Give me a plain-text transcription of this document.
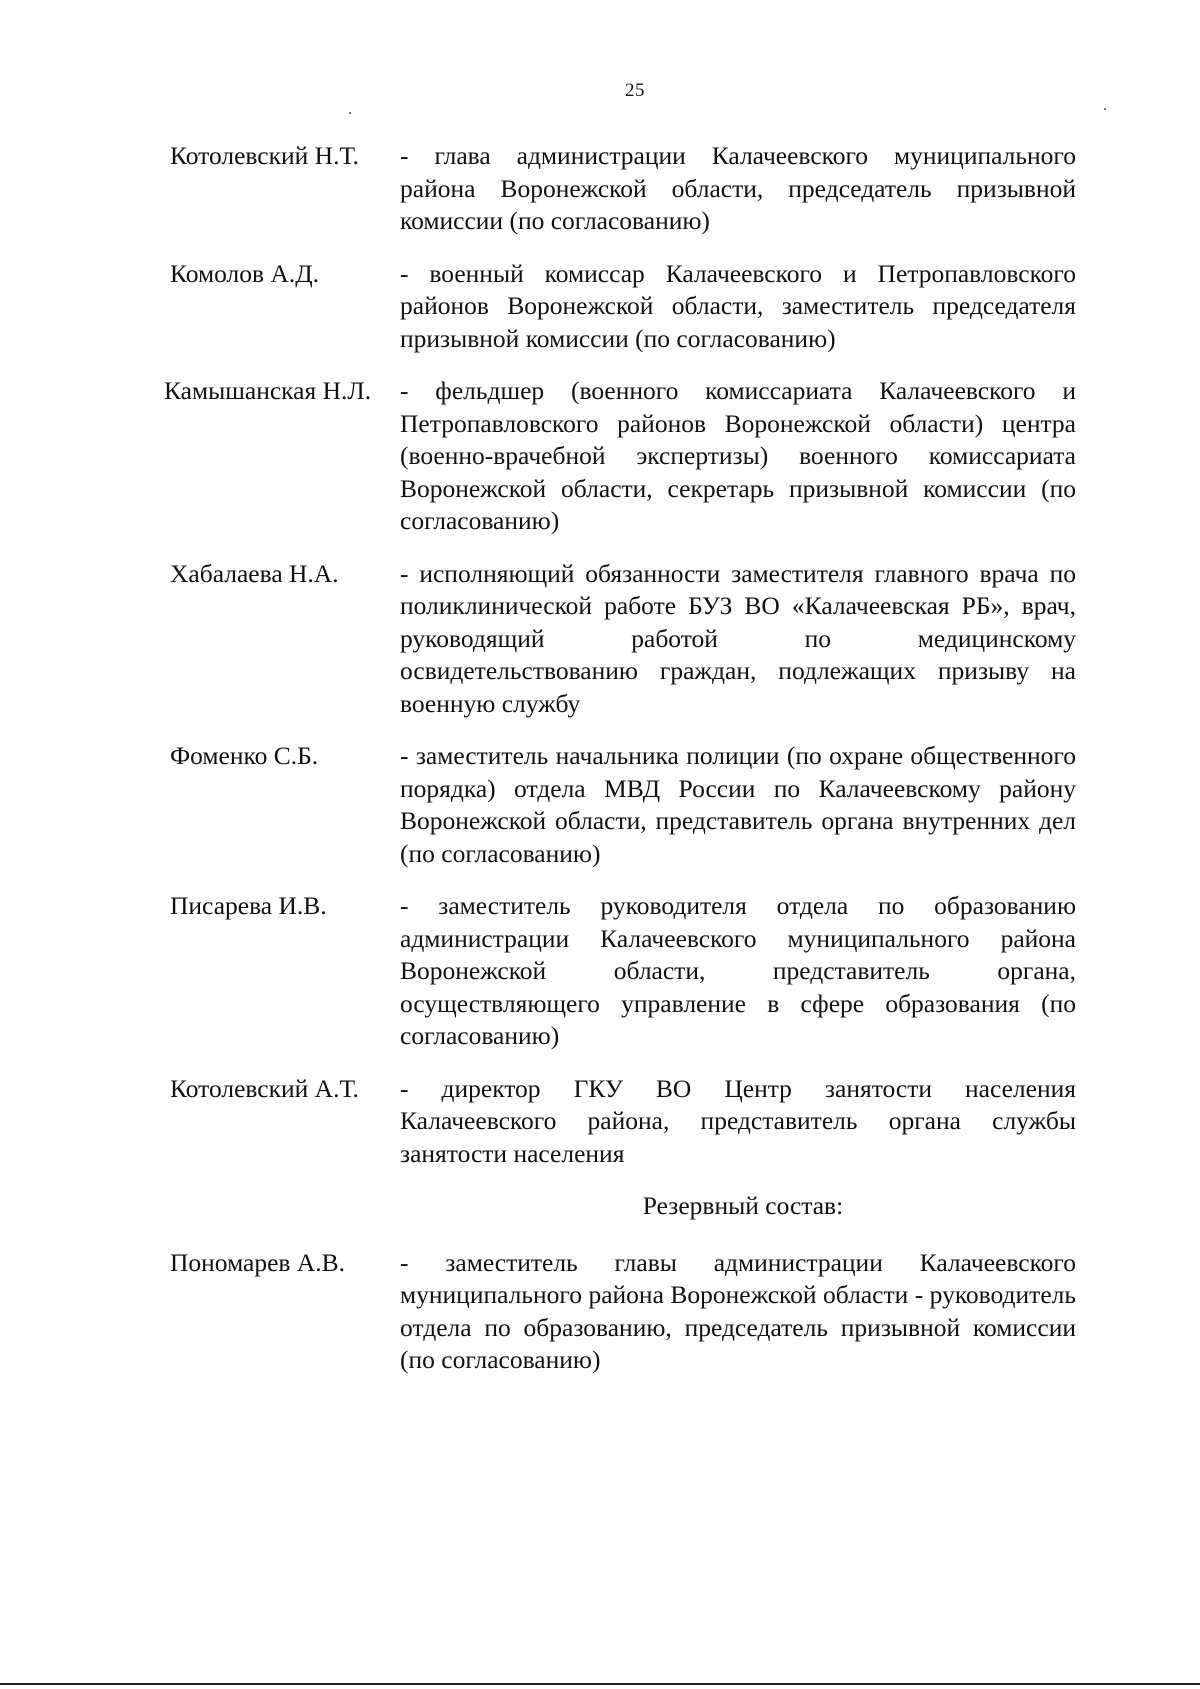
25
Котолевский Н.Т. - глава администрации Калачеевского муниципального района Воронежской области, председатель призывной комиссии (по согласованию)
Комолов А.Д.	- военный комиссар Калачеевского и Петропавловского районов Воронежской области, заместитель председателя призывной комиссии (по согласованию)
Камышанская Н.Л. - фельдшер (военного комиссариата Калачеевского и Петропавловского районов Воронежской области) центра (военно-врачебной экспертизы) военного комиссариата Воронежской области, секретарь призывной комиссии (по согласованию)
Хабалаева Н.А. - исполняющий обязанности заместителя главного врача по поликлинической работе БУЗ ВО «Калачеевская РБ», врач, руководящий работой по медицинскому освидетельствованию граждан, подлежащих призыву на военную службу
Фоменко С.Б.	- заместитель начальника полиции (по охране общественного порядка) отдела МВД России по Калачеевскому району Воронежской области, представитель органа внутренних дел (по согласованию)
Писарева И.В.	- заместитель руководителя отдела по образованию администрации Калачеевского муниципального района Воронежской области, представитель органа, осуществляющего управление в сфере образования (по согласованию)
Котолевский А.Т. - директор ГКУ ВО Центр занятости населения Калачеевского района, представитель органа службы занятости населения
Резервный состав:
Пономарев А.В. - заместитель главы администрации Калачеевского муниципального района Воронежской области - руководитель отдела по образованию, председатель призывной комиссии (по согласованию)
